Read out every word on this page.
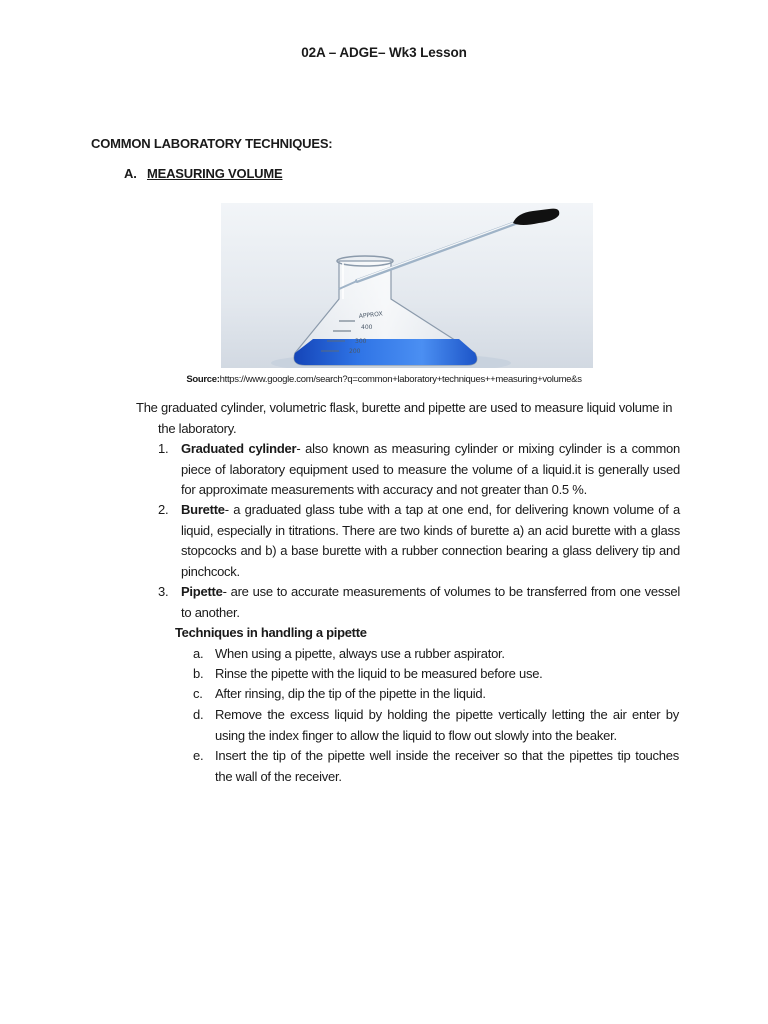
02A – ADGE– Wk3 Lesson
COMMON LABORATORY TECHNIQUES:
A. MEASURING VOLUME
APPROX
400
300
200
Source:https://www.google.com/search?q=common+laboratory+techniques++measuring+volume&s
The graduated cylinder, volumetric flask, burette and pipette are used to measure liquid volume in
the laboratory.
1. Graduated cylinder- also known as measuring cylinder or mixing cylinder is a common piece of laboratory equipment used to measure the volume of a liquid.it is generally used for approximate measurements with accuracy and not greater than 0.5 %.
2. Burette- a graduated glass tube with a tap at one end, for delivering known volume of a liquid, especially in titrations. There are two kinds of burette a) an acid burette with a glass stopcocks and b) a base burette with a rubber connection bearing a glass delivery tip and pinchcock.
3. Pipette- are use to accurate measurements of volumes to be transferred from one vessel to another.
Techniques in handling a pipette
a. When using a pipette, always use a rubber aspirator.
b. Rinse the pipette with the liquid to be measured before use.
c. After rinsing, dip the tip of the pipette in the liquid.
d. Remove the excess liquid by holding the pipette vertically letting the air enter by using the index finger to allow the liquid to flow out slowly into the beaker.
e. Insert the tip of the pipette well inside the receiver so that the pipettes tip touches the wall of the receiver.
